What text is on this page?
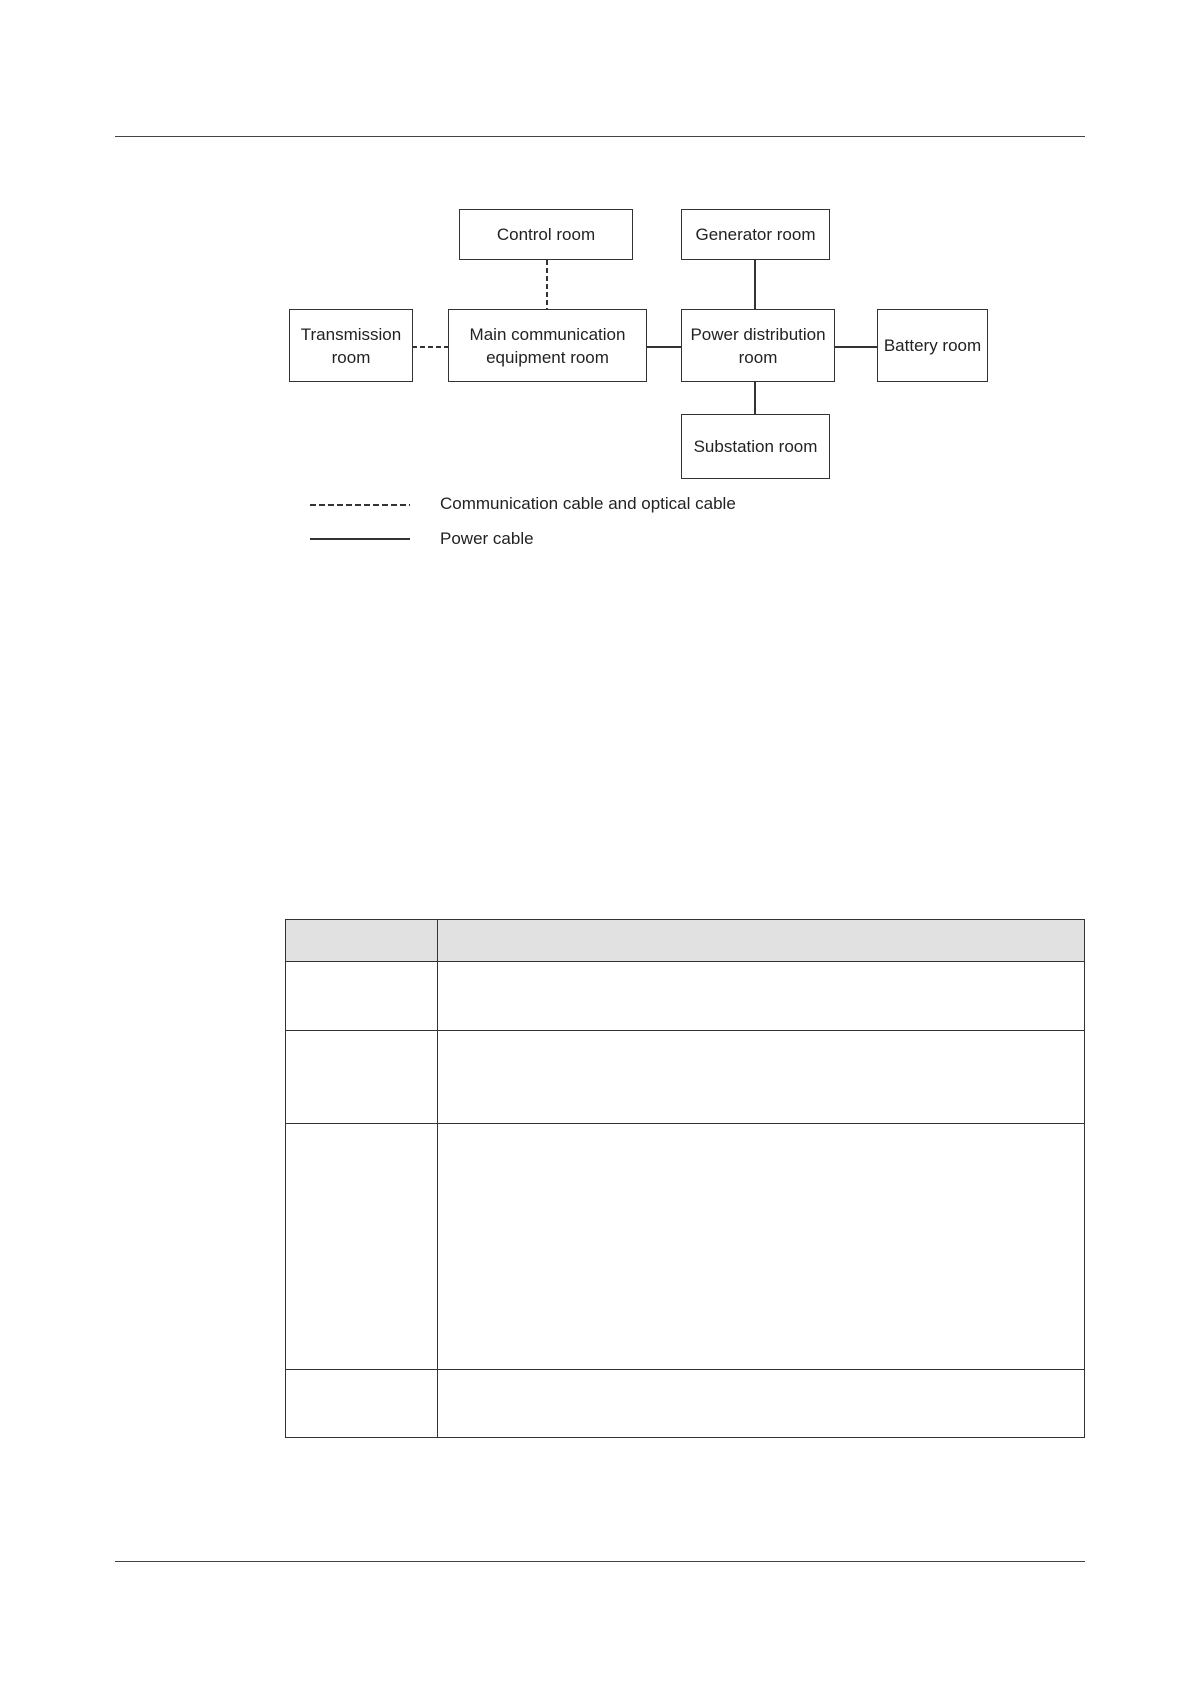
Control room	Generator room
Transmission
room
Main communication
equipment room
Power distribution
room
Battery room
Substation room
Communication cable and optical cable
Power cable
